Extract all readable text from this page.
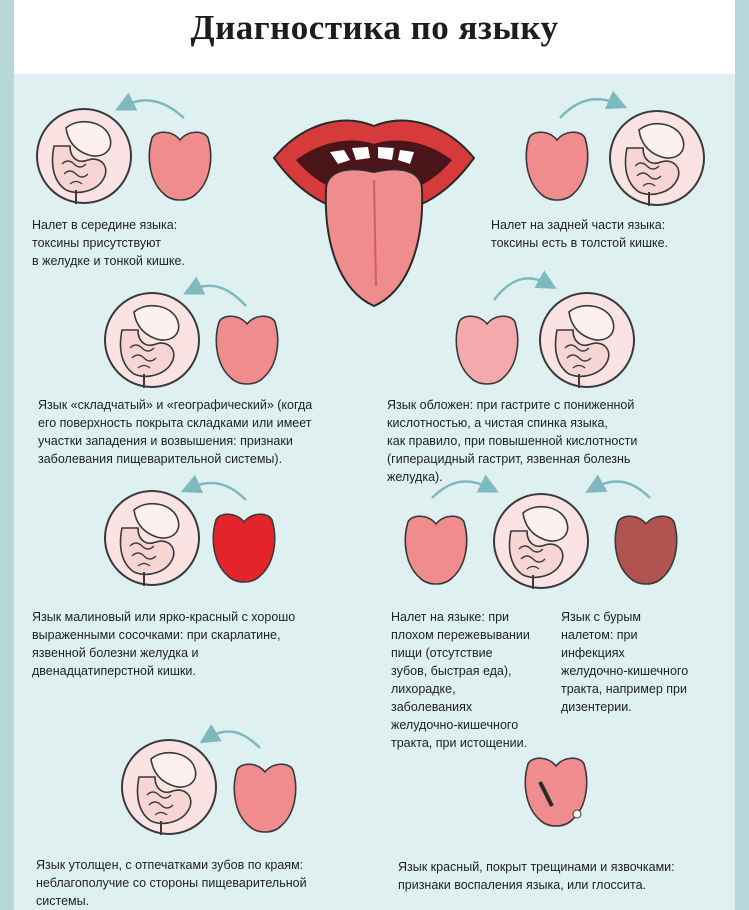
Диагностика по языку
Налет в середине языка:
токсины присутствуют
в желудке и тонкой кишке.
Налет на задней части языка:
токсины есть в толстой кишке.
Язык «складчатый» и «географический» (когда
его поверхность покрыта складками или имеет
участки западения и возвышения: признаки
заболевания пищеварительной системы).
Язык обложен: при гастрите с пониженной
кислотностью, а чистая спинка языка,
как правило, при повышенной кислотности
(гиперацидный гастрит, язвенная болезнь
желудка).
Язык малиновый или ярко-красный с хорошо
выраженными сосочками: при скарлатине,
язвенной болезни желудка и
двенадцатиперстной кишки.
Налет на языке: при
плохом пережевывании
пищи (отсутствие
зубов, быстрая еда),
лихорадке,
заболеваниях
желудочно-кишечного
тракта, при истощении.
Язык с бурым
налетом: при
инфекциях
желудочно-кишечного
тракта, например при
дизентерии.
Язык утолщен, с отпечатками зубов по краям:
неблагополучие со стороны пищеварительной
системы.
Язык красный, покрыт трещинами и язвочками:
признаки воспаления языка, или глоссита.
